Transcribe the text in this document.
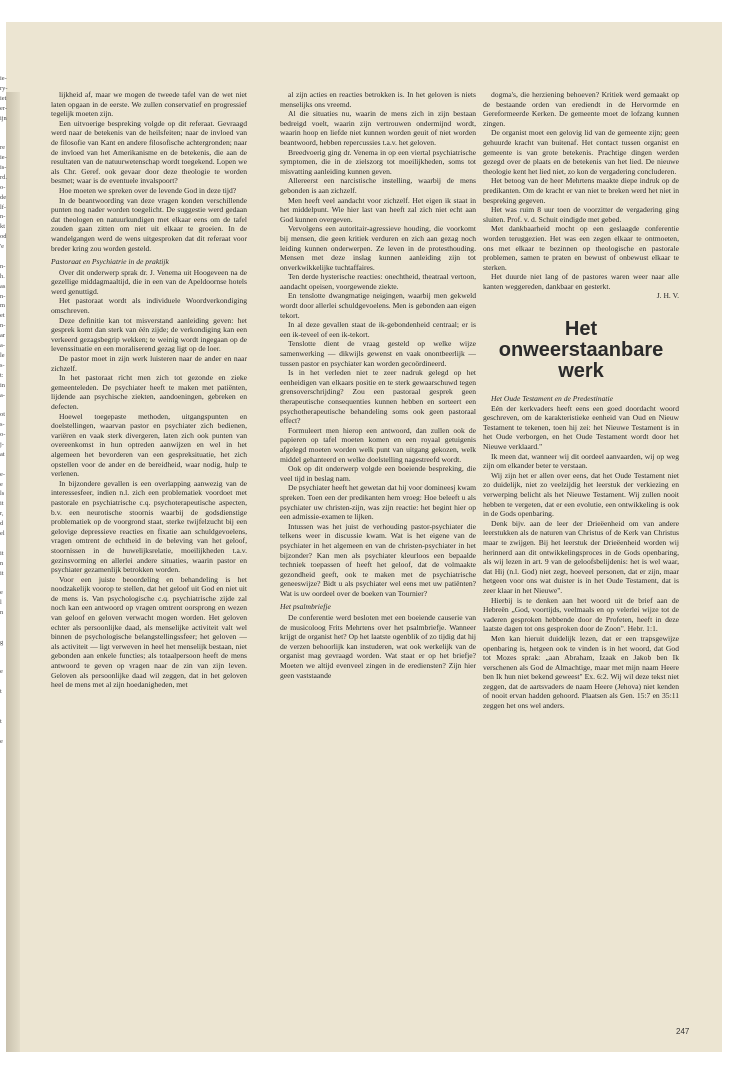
ie-
ry-
iet
er-
ijn
re
ie-
is-
rd.
o-
de
lf-
n-
kt
od
'e
n-
h.
as
n-
m
et
n-
ar
a-
le
s-
t:
in
a-
ot
s-
o-
j-
at
e-
e
ls
it
r,
d
el
it
n
it
e
l
n
g
e
t
t
e

lijkheid af, maar we mogen de tweede tafel van de wet niet laten opgaan in de eerste. We zullen conservatief en progressief tegelijk moeten zijn.

Een uitvoerige bespreking volgde op dit referaat. Gevraagd werd naar de betekenis van de heilsfeiten; naar de invloed van de filosofie van Kant en andere filosofische achtergronden; naar de invloed van het Amerikanisme en de betekenis, die aan de resultaten van de natuurwetenschap wordt toegekend. Lopen we als Chr. Geref. ook gevaar door deze theologie te worden besmet; waar is de eventuele invalspoort?

Hoe moeten we spreken over de levende God in deze tijd?

In de beantwoording van deze vragen konden verschillende punten nog nader worden toegelicht. De suggestie werd gedaan dat theologen en natuurkundigen met elkaar eens om de tafel zouden gaan zitten om niet uit elkaar te groeien. In de wandelgangen werd de wens uitgesproken dat dit referaat voor breder kring zou worden gesteld.

Pastoraat en Psychiatrie in de praktijk

Over dit onderwerp sprak dr. J. Venema uit Hoogeveen na de gezellige middagmaaltijd, die in een van de Apeldoornse hotels werd genuttigd.

Het pastoraat wordt als individuele Woordverkondiging omschreven.

Deze definitie kan tot misverstand aanleiding geven: het gesprek komt dan sterk van één zijde; de verkondiging kan een verkeerd gezagsbegrip wekken; te weinig wordt ingegaan op de levenssituatie en een moraliserend gezag ligt op de loer.

De pastor moet in zijn werk luisteren naar de ander en naar zichzelf.

In het pastoraat richt men zich tot gezonde en zieke gemeenteleden. De psychiater heeft te maken met patiënten, lijdende aan psychische ziekten, aandoeningen, gebreken en defecten.

Hoewel toegepaste methoden, uitgangspunten en doelstellingen, waarvan pastor en psychiater zich bedienen, variëren en vaak sterk divergeren, laten zich ook punten van overeenkomst in hun optreden aanwijzen en wel in het algemeen het bevorderen van een gespreksituatie, het zich opstellen voor de ander en de bereidheid, waar nodig, hulp te verlenen.

In bijzondere gevallen is een overlapping aanwezig van de interessesfeer, indien n.l. zich een problematiek voordoet met pastorale en psychiatrische c.q. psychoterapeutische aspecten, b.v. een neurotische stoornis waarbij de godsdienstige problematiek op de voorgrond staat, sterke twijfelzucht bij een gelovige depressieve reacties en fixatie aan schuldgevoelens, vragen omtrent de echtheid in de beleving van het geloof, stoornissen in de huwelijksrelatie, moeilijkheden t.a.v. gezinsvorming en allerlei andere situaties, waarin pastor en psychiater gezamenlijk betrokken worden.

Voor een juiste beoordeling en behandeling is het noodzakelijk voorop te stellen, dat het geloof uit God en niet uit de mens is. Van psychologische c.q. psychiatrische zijde zal noch kan een antwoord op vragen omtrent oorsprong en wezen van geloof en geloven verwacht mogen worden. Het geloven echter als persoonlijke daad, als menselijke activiteit valt wel binnen de psychologische belangstellingssfeer; het geloven — als activiteit — ligt verweven in heel het menselijk bestaan, niet gebonden aan enkele functies; als totaalpersoon heeft de mens antwoord te geven op vragen naar de zin van zijn leven. Geloven als persoonlijke daad wil zeggen, dat in het geloven heel de mens met al zijn hoedanigheden, met

al zijn acties en reacties betrokken is. In het geloven is niets menselijks ons vreemd.

Al die situaties nu, waarin de mens zich in zijn bestaan bedreigd voelt, waarin zijn vertrouwen ondermijnd wordt, waarin hoop en liefde niet kunnen worden geuit of niet worden beantwoord, hebben repercussies t.a.v. het geloven.

Breedvoerig ging dr. Venema in op een viertal psychiatrische symptomen, die in de zielszorg tot moeilijkheden, soms tot misvatting aanleiding kunnen geven.

Allereerst een narcistische instelling, waarbij de mens gebonden is aan zichzelf.

Men heeft veel aandacht voor zichzelf. Het eigen ik staat in het middelpunt. Wie hier last van heeft zal zich niet echt aan God kunnen overgeven.

Vervolgens een autoritair-agressieve houding, die voorkomt bij mensen, die geen kritiek verduren en zich aan gezag noch leiding kunnen onderwerpen. Ze leven in de protesthouding. Mensen met deze inslag kunnen aanleiding zijn tot onverkwikkelijke tuchtaffaires.

Ten derde hysterische reacties: onechtheid, theatraal vertoon, aandacht opeisen, voorgewende ziekte.

En tenslotte dwangmatige neigingen, waarbij men gekweld wordt door allerlei schuldgevoelens. Men is gebonden aan eigen tekort.

In al deze gevallen staat de ik-gebondenheid centraal; er is een ik-teveel of een ik-tekort.

Tenslotte dient de vraag gesteld op welke wijze samenwerking — dikwijls gewenst en vaak onontbeerlijk — tussen pastor en psychiater kan worden gecoördineerd.

Is in het verleden niet te zeer nadruk gelegd op het eenheidigen van elkaars positie en te sterk gewaarschuwd tegen grensoverschrijding? Zou een pastoraal gesprek geen therapeutische consequenties kunnen hebben en sorteert een psychotherapeutische behandeling soms ook geen pastoraal effect?

Formuleert men hierop een antwoord, dan zullen ook de papieren op tafel moeten komen en een royaal getuigenis afgelegd moeten worden welk punt van uitgang gekozen, welk middel gehanteerd en welke doelstelling nagestreefd wordt.

Ook op dit onderwerp volgde een boeiende bespreking, die veel tijd in beslag nam.

De psychiater heeft het gewetan dat hij voor domineesj kwam spreken. Toen een der predikanten hem vroeg: Hoe beleeft u als psychiater uw christen-zijn, was zijn reactie: het begint hier op een admissie-examen te lijken.

Intussen was het juist de verhouding pastor-psychiater die telkens weer in discussie kwam. Wat is het eigene van de psychiater in het algemeen en van de christen-psychiater in het bijzonder? Kan men als psychiater kleurloos een bepaalde techniek toepassen of heeft het geloof, dat de volmaakte gezondheid geeft, ook te maken met de psychiatrische geneeswijze? Bidt u als psychiater wel eens met uw patiënten? Wat is uw oordeel over de boeken van Tournier?

Het psalmbriefje

De conferentie werd besloten met een boeiende causerie van de musicoloog Frits Mehrtens over het psalmbriefje. Wanneer krijgt de organist het? Op het laatste ogenblik of zo tijdig dat hij de verzen behoorlijk kan instuderen, wat ook werkelijk van de organist mag gevraagd worden. Wat staat er op het briefje? Moeten we altijd evenveel zingen in de erediensten? Zijn hier geen vaststaande

dogma's, die herziening behoeven? Kritiek werd gemaakt op de bestaande orden van erediendt in de Hervormde en Gereformeerde Kerken. De gemeente moet de lofzang kunnen zingen.

De organist moet een gelovig lid van de gemeente zijn; geen gehuurde kracht van buitenaf. Het contact tussen organist en gemeente is van grote betekenis. Prachtige dingen werden gezegd over de plaats en de betekenis van het lied. De nieuwe theologie kent het lied niet, zo kon de vergadering concluderen.

Het betoog van de heer Mehrtens maakte diepe indruk op de predikanten. Om de kracht er van niet te breken werd het niet in bespreking gegeven.

Het was ruim 8 uur toen de voorzitter de vergadering ging sluiten. Prof. v. d. Schuit eindigde met gebed.

Met dankbaarheid mocht op een geslaagde conferentie worden teruggezien. Het was een zegen elkaar te ontmoeten, ons met elkaar te bezinnen op theologische en pastorale problemen, samen te praten en bewust of onbewust elkaar te sterken.

Het duurde niet lang of de pastores waren weer naar alle kanten weggereden, dankbaar en gesterkt.

J. H. V.

Het
onweerstaanbare
werk

Het Oude Testament en de Predestinatie

Eén der kerkvaders heeft eens een goed doordacht woord geschreven, om de karakteristieke eenheid van Oud en Nieuw Testament te tekenen, toen hij zei: het Nieuwe Testament is in het Oude verborgen, en het Oude Testament wordt door het Nieuwe verklaard."

Ik meen dat, wanneer wij dit oordeel aanvaarden, wij op weg zijn om elkander beter te verstaan.

Wij zijn het er allen over eens, dat het Oude Testament niet zo duidelijk, niet zo veelzijdig het leerstuk der verkiezing en verwerping belicht als het Nieuwe Testament. Wij zullen nooit hebben te vergeten, dat er een evolutie, een ontwikkeling is ook in de Gods openbaring.

Denk bijv. aan de leer der Drieëenheid om van andere leerstukken als de naturen van Christus of de Kerk van Christus maar te zwijgen. Bij het leerstuk der Drieëenheid worden wij herinnerd aan dit ontwikkelingsproces in de Gods openbaring, als wij lezen in art. 9 van de geloofsbelijdenis: het is wel waar, dat Hij (n.l. God) niet zegt, hoeveel personen, dat er zijn, maar hetgeen voor ons wat duister is in het Oude Testament, dat is zeer klaar in het Nieuwe".

Hierbij is te denken aan het woord uit de brief aan de Hebreën „God, voortijds, veelmaals en op velerlei wijze tot de vaderen gesproken hebbende door de Profeten, heeft in deze laatste dagen tot ons gesproken door de Zoon". Hebr. 1:1.

Men kan hieruit duidelijk lezen, dat er een trapsgewijze openbaring is, hetgeen ook te vinden is in het woord, dat God tot Mozes sprak: „aan Abraham, Izaak en Jakob ben Ik verschenen als God de Almachtige, maar met mijn naam Heere ben Ik hun niet bekend geweest" Ex. 6:2. Wij wil deze tekst niet zeggen, dat de aartsvaders de naam Heere (Jehova) niet kenden of nooit ervan hadden gehoord. Plaatsen als Gen. 15:7 en 35:11 zeggen het ons wel anders.

247
